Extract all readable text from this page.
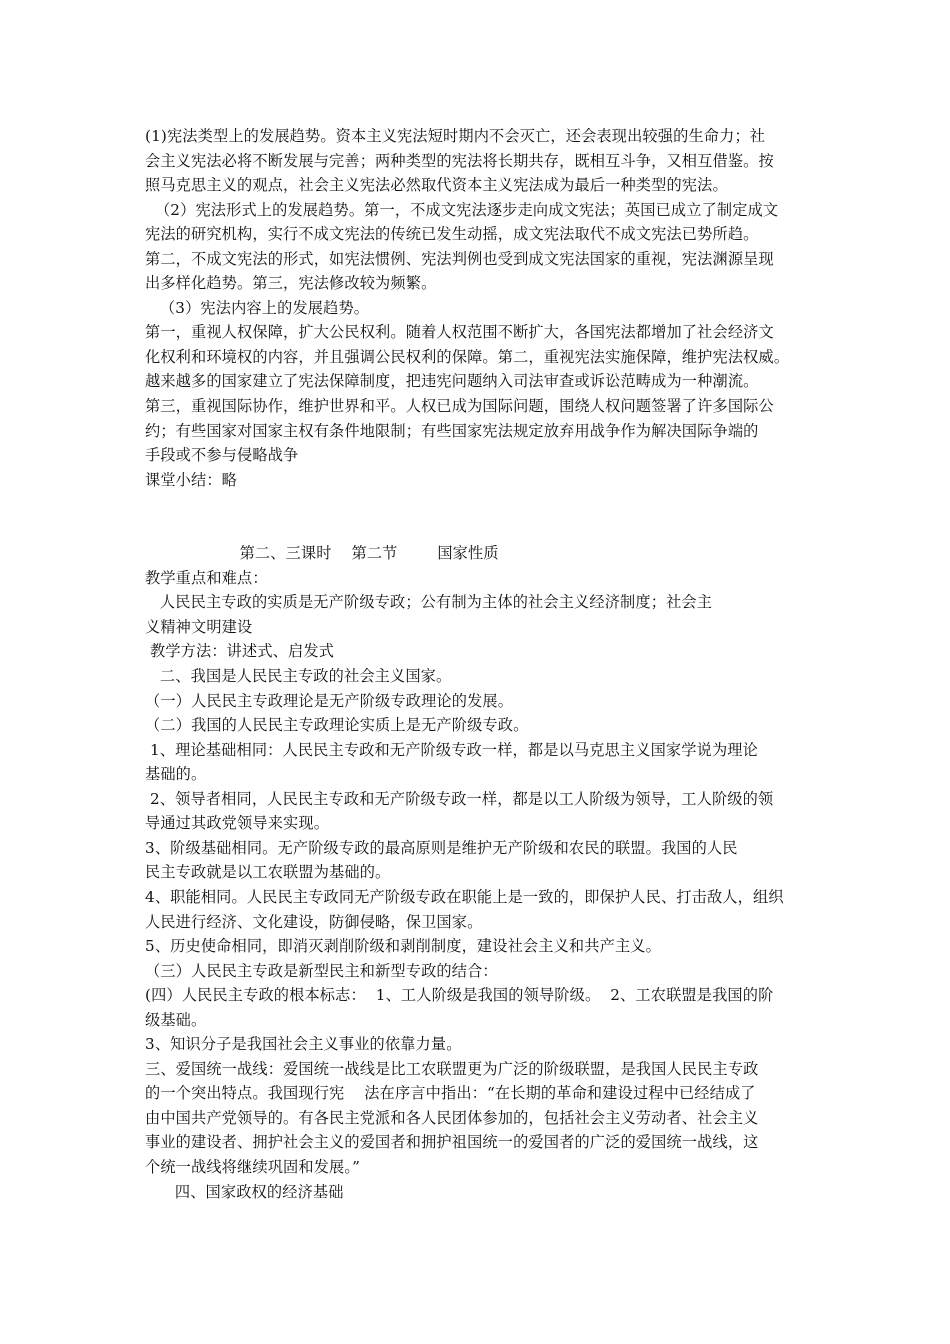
(1)宪法类型上的发展趋势。资本主义宪法短时期内不会灭亡，还会表现出较强的生命力；社
会主义宪法必将不断发展与完善；两种类型的宪法将长期共存，既相互斗争，又相互借鉴。按
照马克思主义的观点，社会主义宪法必然取代资本主义宪法成为最后一种类型的宪法。
（2）宪法形式上的发展趋势。第一，不成文宪法逐步走向成文宪法；英国已成立了制定成文
宪法的研究机构，实行不成文宪法的传统已发生动摇，成文宪法取代不成文宪法已势所趋。
第二，不成文宪法的形式，如宪法惯例、宪法判例也受到成文宪法国家的重视，宪法渊源呈现
出多样化趋势。第三，宪法修改较为频繁。
（3）宪法内容上的发展趋势。
第一，重视人权保障，扩大公民权利。随着人权范围不断扩大，各国宪法都增加了社会经济文
化权利和环境权的内容，并且强调公民权利的保障。第二，重视宪法实施保障，维护宪法权威。
越来越多的国家建立了宪法保障制度，把违宪问题纳入司法审查或诉讼范畴成为一种潮流。
第三，重视国际协作，维护世界和平。人权已成为国际问题，围绕人权问题签署了许多国际公
约；有些国家对国家主权有条件地限制；有些国家宪法规定放弃用战争作为解决国际争端的
手段或不参与侵略战争
课堂小结：略
第二、三课时    第二节        国家性质
教学重点和难点：
人民民主专政的实质是无产阶级专政；公有制为主体的社会主义经济制度；社会主
义精神文明建设
教学方法：讲述式、启发式
二、我国是人民民主专政的社会主义国家。
（一）人民民主专政理论是无产阶级专政理论的发展。
（二）我国的人民民主专政理论实质上是无产阶级专政。
1、理论基础相同：人民民主专政和无产阶级专政一样，都是以马克思主义国家学说为理论
基础的。
2、领导者相同，人民民主专政和无产阶级专政一样，都是以工人阶级为领导，工人阶级的领
导通过其政党领导来实现。
3、阶级基础相同。无产阶级专政的最高原则是维护无产阶级和农民的联盟。我国的人民
民主专政就是以工农联盟为基础的。
4、职能相同。人民民主专政同无产阶级专政在职能上是一致的，即保护人民、打击敌人，组织
人民进行经济、文化建设，防御侵略，保卫国家。
5、历史使命相同，即消灭剥削阶级和剥削制度，建设社会主义和共产主义。
（三）人民民主专政是新型民主和新型专政的结合：
(四）人民民主专政的根本标志：  1、工人阶级是我国的领导阶级。  2、工农联盟是我国的阶
级基础。
3、知识分子是我国社会主义事业的依靠力量。
三、爱国统一战线：爱国统一战线是比工农联盟更为广泛的阶级联盟，是我国人民民主专政
的一个突出特点。我国现行宪    法在序言中指出：“在长期的革命和建设过程中已经结成了
由中国共产党领导的。有各民主党派和各人民团体参加的，包括社会主义劳动者、社会主义
事业的建设者、拥护社会主义的爱国者和拥护祖国统一的爱国者的广泛的爱国统一战线，这
个统一战线将继续巩固和发展。”
四、国家政权的经济基础
